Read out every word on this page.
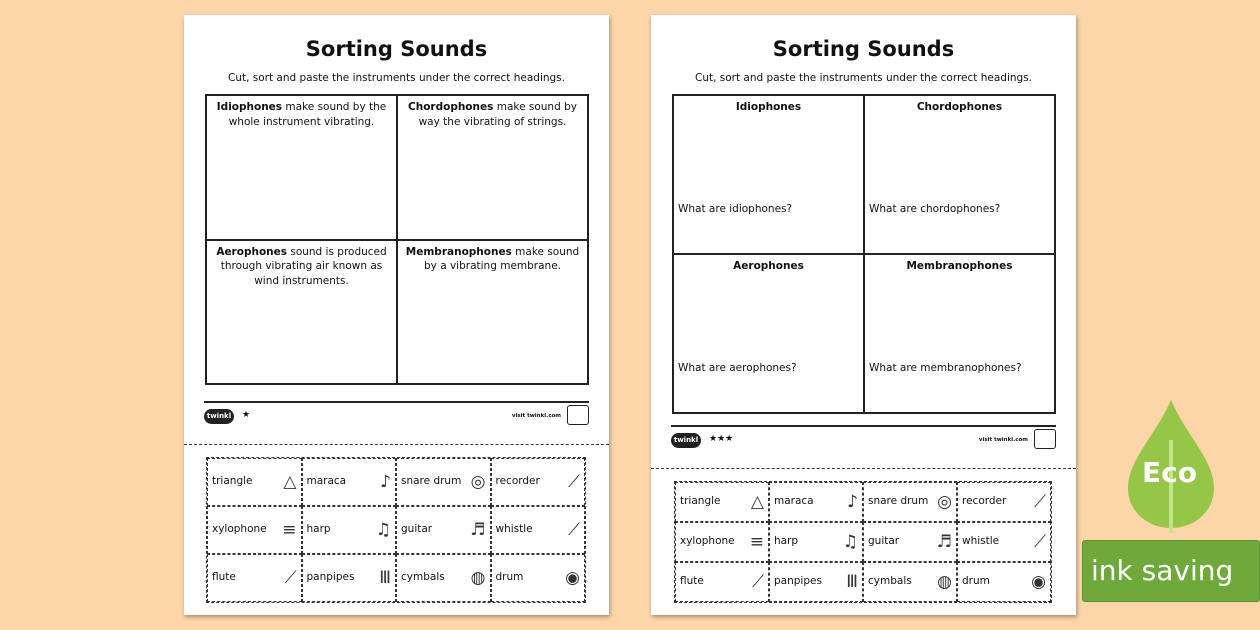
Sorting Sounds
Cut, sort and paste the instruments under the correct headings.
Idiophones make sound by the whole instrument vibrating.
Chordophones make sound by way the vibrating of strings.
Aerophones sound is produced through vibrating air known as wind instruments.
Membranophones make sound by a vibrating membrane.
twinkl	★	visit twinkl.com
triangle △ maraca ♪ snare drum ◎ recorder ⟋
xylophone ≡ harp	♫ guitar ♬ whistle ⟋
flute	⟋ panpipes Ⅲ cymbals ◍ drum ◉
Sorting Sounds
Cut, sort and paste the instruments under the correct headings.
Idiophones
What are idiophones?
Chordophones
What are chordophones?
Aerophones
What are aerophones?
Membranophones
What are membranophones?
twinkl	★★★	visit twinkl.com
triangle △ maraca ♪ snare drum ◎ recorder ⟋
xylophone ≡ harp	♫ guitar ♬ whistle ⟋
flute	⟋ panpipes Ⅲ cymbals ◍ drum ◉
Eco
ink saving
